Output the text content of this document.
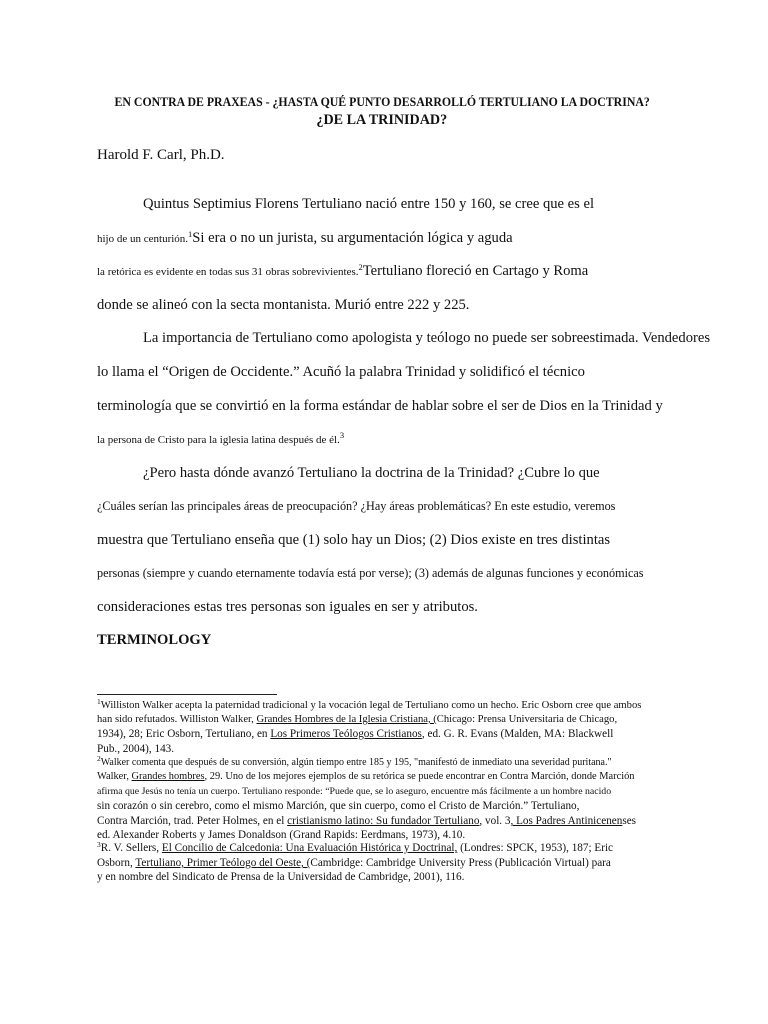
EN CONTRA DE PRAXEAS - ¿HASTA QUÉ PUNTO DESARROLLÓ TERTULIANO LA DOCTRINA?
¿DE LA TRINIDAD?
Harold F. Carl, Ph.D.
Quintus Septimius Florens Tertuliano nació entre 150 y 160, se cree que es el
hijo de un centurión.$^1$Si era o no un jurista, su argumentación lógica y aguda
la retórica es evidente en todas sus 31 obras sobrevivientes.$^2$Tertuliano floreció en Cartago y Roma
donde se alineó con la secta montanista. Murió entre 222 y 225.
La importancia de Tertuliano como apologista y teólogo no puede ser sobreestimada. Vendedores
lo llama el “Origen de Occidente.” Acuñó la palabra Trinidad y solidificó el técnico
terminología que se convirtió en la forma estándar de hablar sobre el ser de Dios en la Trinidad y
la persona de Cristo para la iglesia latina después de él.$^3$
¿Pero hasta dónde avanzó Tertuliano la doctrina de la Trinidad? ¿Cubre lo que
¿Cuáles serían las principales áreas de preocupación? ¿Hay áreas problemáticas? En este estudio, veremos
muestra que Tertuliano enseña que (1) solo hay un Dios; (2) Dios existe en tres distintas
personas (siempre y cuando eternamente todavía está por verse); (3) además de algunas funciones y económicas
consideraciones estas tres personas son iguales en ser y atributos.
TERMINOLOGY
$^1$Williston Walker acepta la paternidad tradicional y la vocación legal de Tertuliano como un hecho. Eric Osborn cree que ambos
han sido refutados. Williston Walker, Grandes Hombres de la Iglesia Cristiana, (Chicago: Prensa Universitaria de Chicago,
1934), 28; Eric Osborn, Tertuliano, en Los Primeros Teólogos Cristianos, ed. G. R. Evans (Malden, MA: Blackwell
Pub., 2004), 143.
$^2$Walker comenta que después de su conversión, algún tiempo entre 185 y 195, "manifestó de inmediato una severidad puritana."
Walker, Grandes hombres, 29. Uno de los mejores ejemplos de su retórica se puede encontrar en Contra Marción, donde Marción
afirma que Jesús no tenía un cuerpo. Tertuliano responde: “Puede que, se lo aseguro, encuentre más fácilmente a un hombre nacido
sin corazón o sin cerebro, como el mismo Marción, que sin cuerpo, como el Cristo de Marción.” Tertuliano,
Contra Marción, trad. Peter Holmes, en el cristianismo latino: Su fundador Tertuliano, vol. 3, Los Padres Antinicenenses
ed. Alexander Roberts y James Donaldson (Grand Rapids: Eerdmans, 1973), 4.10.
$^3$R. V. Sellers, El Concilio de Calcedonia: Una Evaluación Histórica y Doctrinal, (Londres: SPCK, 1953), 187; Eric
Osborn, Tertuliano, Primer Teólogo del Oeste, (Cambridge: Cambridge University Press (Publicación Virtual) para
y en nombre del Sindicato de Prensa de la Universidad de Cambridge, 2001), 116.
